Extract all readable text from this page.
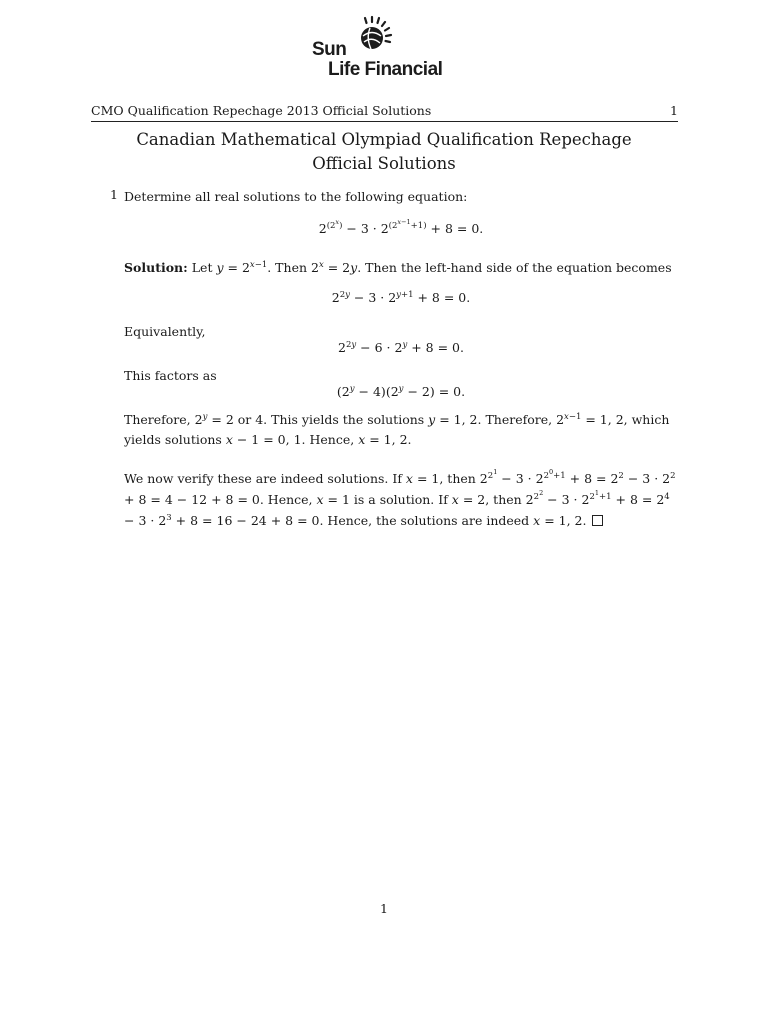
Sun
Life Financial
CMO Qualification Repechage 2013 Official Solutions	1
Canadian Mathematical Olympiad Qualification Repechage Official Solutions
1 Determine all real solutions to the following equation:
$2^{(2^x)} - 3 \cdot 2^{(2^{x-1}+1)} + 8 = 0$.
Solution: Let $y = 2^{x-1}$. Then $2^x = 2y$. Then the left-hand side of the equation becomes
$2^{2y} - 3 \cdot 2^{y+1} + 8 = 0$.
Equivalently,
$2^{2y} - 6 \cdot 2^y + 8 = 0$.
This factors as
$(2^y - 4)(2^y - 2) = 0$.
Therefore, $2^y = 2$ or 4. This yields the solutions y = 1, 2. Therefore, $2^{x-1} = 1$, 2, which yields solutions x − 1 = 0, 1. Hence, x = 1, 2.
We now verify these are indeed solutions. If x = 1, then $2^{2^1} - 3 \cdot 2^{2^0+1} + 8 = 2^2 - 3 \cdot 2^2 + 8 = 4 - 12 + 8 = 0$. Hence, x = 1 is a solution. If x = 2, then $2^{2^2} - 3 \cdot 2^{2^1+1} + 8 = 2^4 - 3 \cdot 2^3 + 8 = 16 - 24 + 8 = 0$. Hence, the solutions are indeed x = 1, 2.
1
